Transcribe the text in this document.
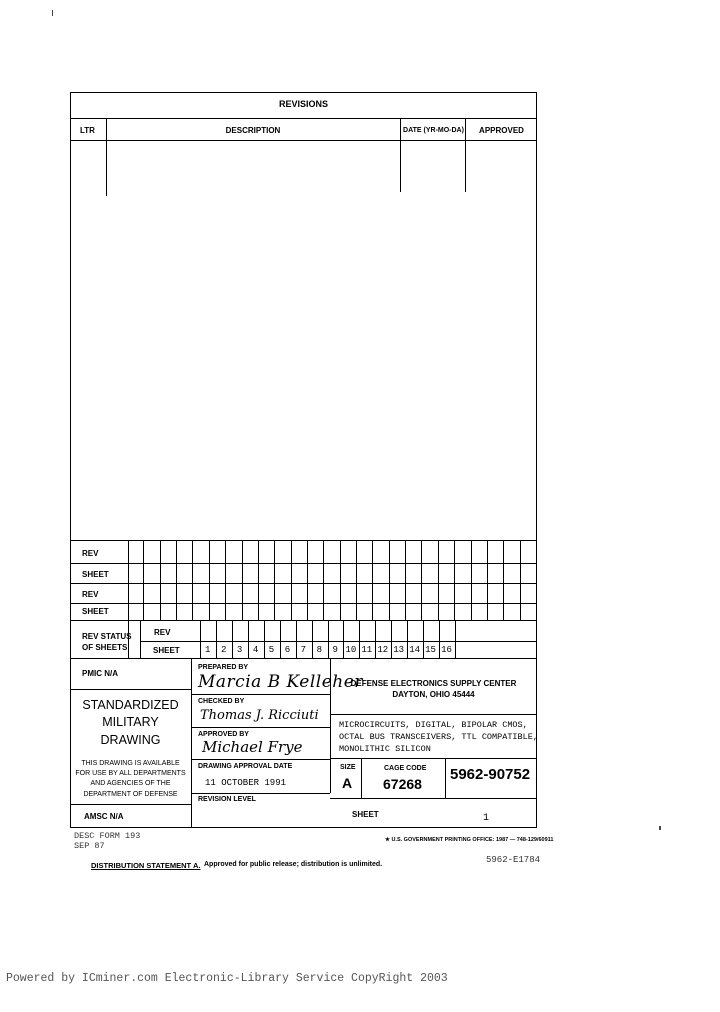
REVISIONS
LTR	DESCRIPTION	DATE (YR-MO-DA)	APPROVED
REV
SHEET
REV
SHEET
REV STATUS
OF SHEETS
REV
SHEET	1 2 3 4 5 6 7 8 9 10 11 12 13 14 15 16
PMIC N/A
STANDARDIZED
MILITARY
DRAWING
THIS DRAWING IS AVAILABLE
FOR USE BY ALL DEPARTMENTS
AND AGENCIES OF THE
DEPARTMENT OF DEFENSE
AMSC N/A
PREPARED BY
Marcia B Kelleher
CHECKED BY
Thomas J. Ricciuti
APPROVED BY
Michael Frye
DRAWING APPROVAL DATE
11 OCTOBER 1991
REVISION LEVEL
DEFENSE ELECTRONICS SUPPLY CENTER
DAYTON, OHIO 45444
MICROCIRCUITS, DIGITAL, BIPOLAR CMOS,
OCTAL BUS TRANSCEIVERS, TTL COMPATIBLE,
MONOLITHIC SILICON
SIZE
A
CAGE CODE
67268
5962-90752
SHEET	1
DESC FORM 193
SEP 87
★ U.S. GOVERNMENT PRINTING OFFICE: 1987 — 748-129/60911
5962-E1784
DISTRIBUTION STATEMENT A. Approved for public release; distribution is unlimited.
Powered by ICminer.com Electronic-Library Service CopyRight 2003
